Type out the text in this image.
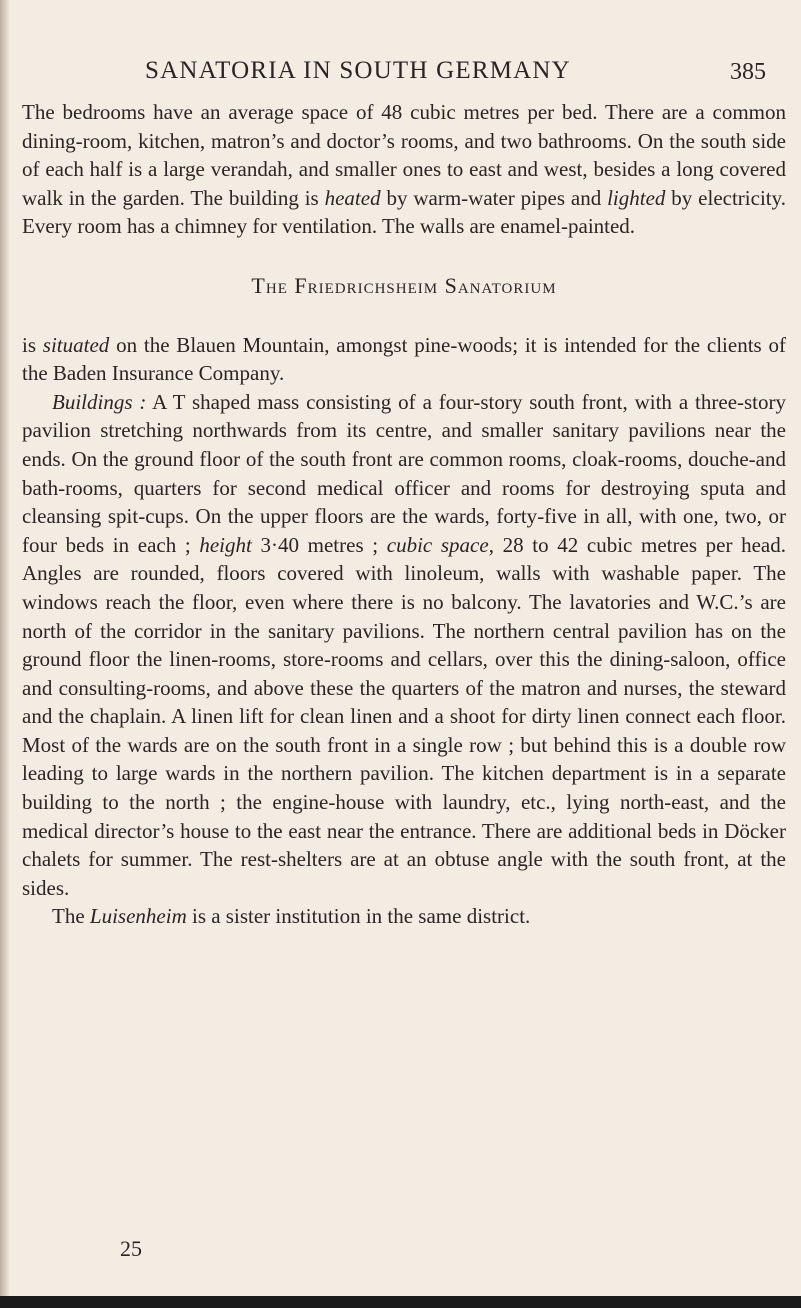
SANATORIA IN SOUTH GERMANY	385

The bedrooms have an average space of 48 cubic metres per bed. There are a common dining-room, kitchen, matron’s and doctor’s rooms, and two bathrooms. On the south side of each half is a large verandah, and smaller ones to east and west, besides a long covered walk in the garden. The building is heated by warm-water pipes and lighted by electricity. Every room has a chimney for ventilation. The walls are enamel-painted.

The Friedrichsheim Sanatorium

is situated on the Blauen Mountain, amongst pine-woods; it is intended for the clients of the Baden Insurance Company.

Buildings : A T shaped mass consisting of a four-story south front, with a three-story pavilion stretching northwards from its centre, and smaller sanitary pavilions near the ends. On the ground floor of the south front are common rooms, cloak-rooms, douche-and bath-rooms, quarters for second medical officer and rooms for destroying sputa and cleansing spit-cups. On the upper floors are the wards, forty-five in all, with one, two, or four beds in each ; height 3·40 metres ; cubic space, 28 to 42 cubic metres per head. Angles are rounded, floors covered with linoleum, walls with washable paper. The windows reach the floor, even where there is no balcony. The lavatories and W.C.’s are north of the corridor in the sanitary pavilions. The northern central pavilion has on the ground floor the linen-rooms, store-rooms and cellars, over this the dining-saloon, office and consulting-rooms, and above these the quarters of the matron and nurses, the steward and the chaplain. A linen lift for clean linen and a shoot for dirty linen connect each floor. Most of the wards are on the south front in a single row ; but behind this is a double row leading to large wards in the northern pavilion. The kitchen department is in a separate building to the north ; the engine-house with laundry, etc., lying north-east, and the medical director’s house to the east near the entrance. There are additional beds in Döcker chalets for summer. The rest-shelters are at an obtuse angle with the south front, at the sides.

The Luisenheim is a sister institution in the same district.

25
